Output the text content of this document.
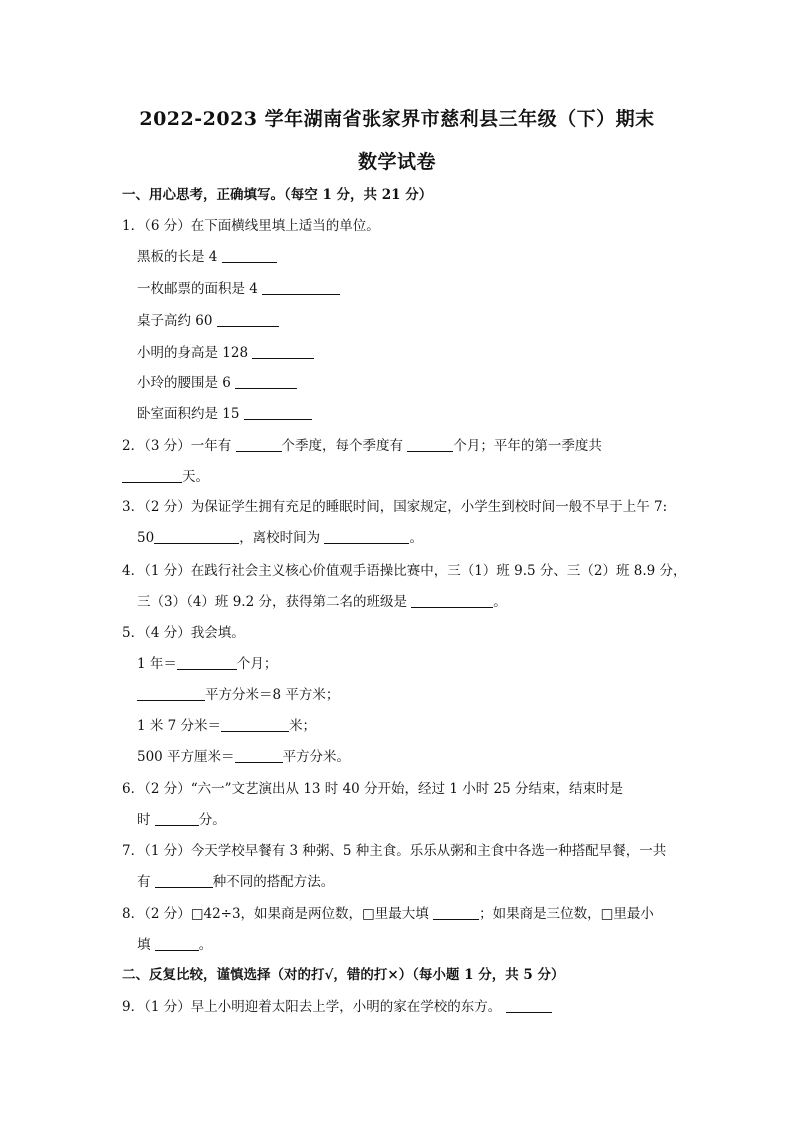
2022-2023 学年湖南省张家界市慈利县三年级（下）期末
数学试卷
一、用心思考，正确填写。（每空 1 分，共 21 分）
1．（6 分）在下面横线里填上适当的单位。
黑板的长是 4
一枚邮票的面积是 4
桌子高约 60
小明的身高是 128
小玲的腰围是 6
卧室面积约是 15
2．（3 分）一年有	个季度，每个季度有	个月；平年的第一季度共
天。
3．（2 分）为保证学生拥有充足的睡眠时间，国家规定，小学生到校时间一般不早于上午 7:
50	，离校时间为	。
4．（1 分）在践行社会主义核心价值观手语操比赛中，三（1）班 9.5 分、三（2）班 8.9 分，
三（3）（4）班 9.2 分，获得第二名的班级是	。
5．（4 分）我会填。
1 年＝	个月；
平方分米＝8 平方米；
1 米 7 分米＝	米；
500 平方厘米＝	平方分米。
6．（2 分）“六一”文艺演出从 13 时 40 分开始，经过 1 小时 25 分结束，结束时是
时	分。
7．（1 分）今天学校早餐有 3 种粥、5 种主食。乐乐从粥和主食中各选一种搭配早餐，一共
有	种不同的搭配方法。
8．（2 分）□42÷3，如果商是两位数，□里最大填	；如果商是三位数，□里最小
填	。
二、反复比较，谨慎选择（对的打√，错的打×）（每小题 1 分，共 5 分）
9．（1 分）早上小明迎着太阳去上学，小明的家在学校的东方。
